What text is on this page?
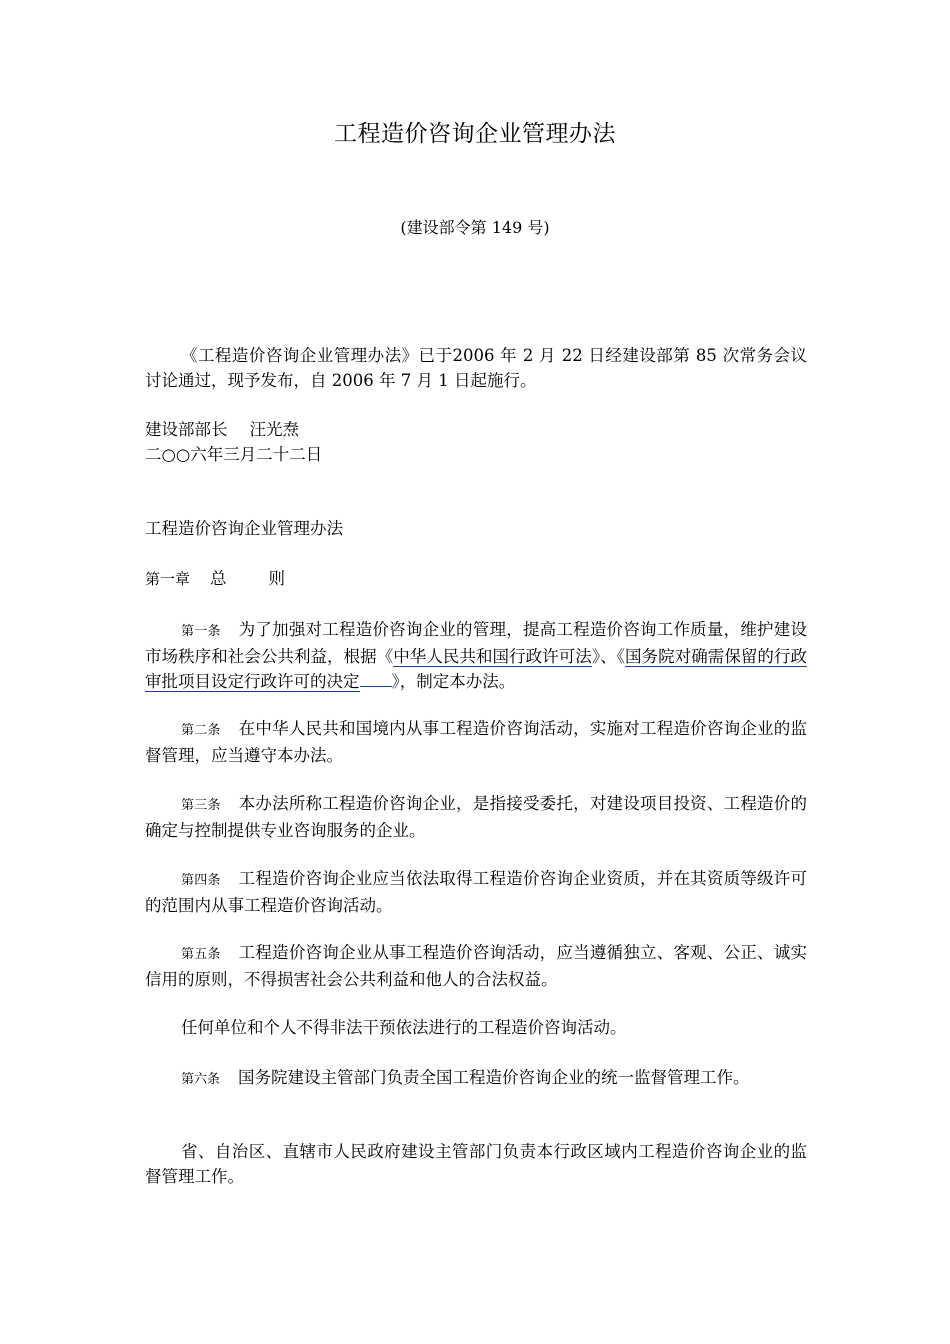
工程造价咨询企业管理办法
(建设部令第 149 号)
《工程造价咨询企业管理办法》已于2006 年 2 月 22 日经建设部第 85 次常务会议讨论通过，现予发布，自 2006 年 7 月 1 日起施行。
建设部部长 汪光焘
二○○六年三月二十二日
工程造价咨询企业管理办法
第一章 总	则
第一条 为了加强对工程造价咨询企业的管理，提高工程造价咨询工作质量，维护建设市场秩序和社会公共利益，根据《中华人民共和国行政许可法》、《国务院对确需保留的行政审批项目设定行政许可的决定 》，制定本办法。
第二条 在中华人民共和国境内从事工程造价咨询活动，实施对工程造价咨询企业的监督管理，应当遵守本办法。
第三条 本办法所称工程造价咨询企业，是指接受委托，对建设项目投资、工程造价的确定与控制提供专业咨询服务的企业。
第四条 工程造价咨询企业应当依法取得工程造价咨询企业资质，并在其资质等级许可的范围内从事工程造价咨询活动。
第五条 工程造价咨询企业从事工程造价咨询活动，应当遵循独立、客观、公正、诚实信用的原则，不得损害社会公共利益和他人的合法权益。
任何单位和个人不得非法干预依法进行的工程造价咨询活动。
第六条 国务院建设主管部门负责全国工程造价咨询企业的统一监督管理工作。
省、自治区、直辖市人民政府建设主管部门负责本行政区域内工程造价咨询企业的监督管理工作。
